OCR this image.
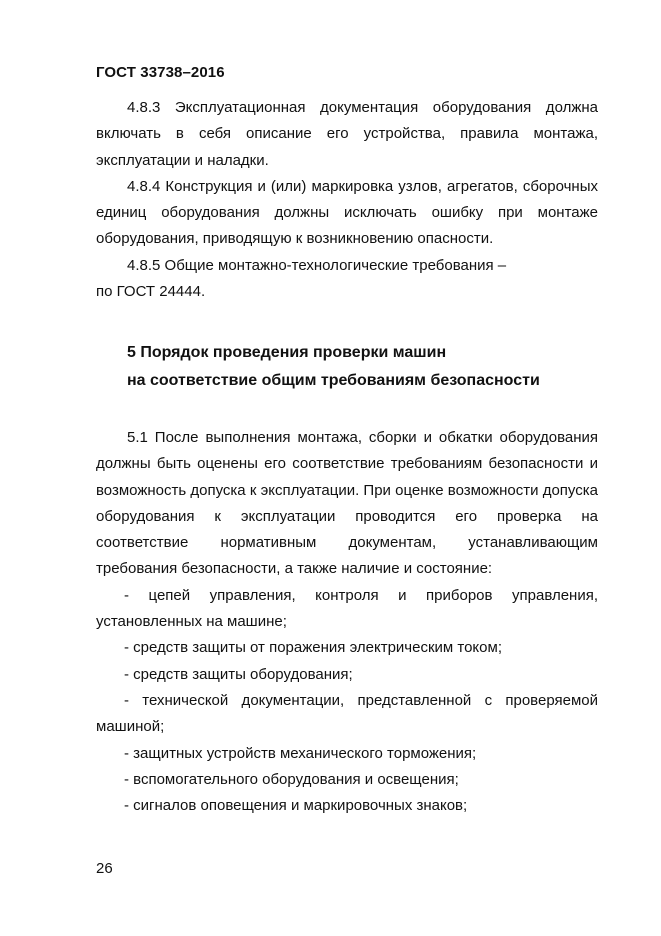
ГОСТ 33738–2016

4.8.3 Эксплуатационная документация оборудования должна включать в себя описание его устройства, правила монтажа, эксплуатации и наладки.

4.8.4 Конструкция и (или) маркировка узлов, агрегатов, сборочных единиц оборудования должны исключать ошибку при монтаже оборудования, приводящую к возникновению опасности.

4.8.5 Общие монтажно-технологические требования –

по ГОСТ 24444.

5 Порядок проведения проверки машин
на соответствие общим требованиям безопасности

5.1 После выполнения монтажа, сборки и обкатки оборудования должны быть оценены его соответствие требованиям безопасности и возможность допуска к эксплуатации. При оценке возможности допуска оборудования к эксплуатации проводится его проверка на соответствие нормативным документам, устанавливающим требования безопасности, а также наличие и состояние:

- цепей управления, контроля и приборов управления, установленных на машине;

- средств защиты от поражения электрическим током;

- средств защиты оборудования;

- технической документации, представленной с проверяемой машиной;

- защитных устройств механического торможения;

- вспомогательного оборудования и освещения;

- сигналов оповещения и маркировочных знаков;

26
